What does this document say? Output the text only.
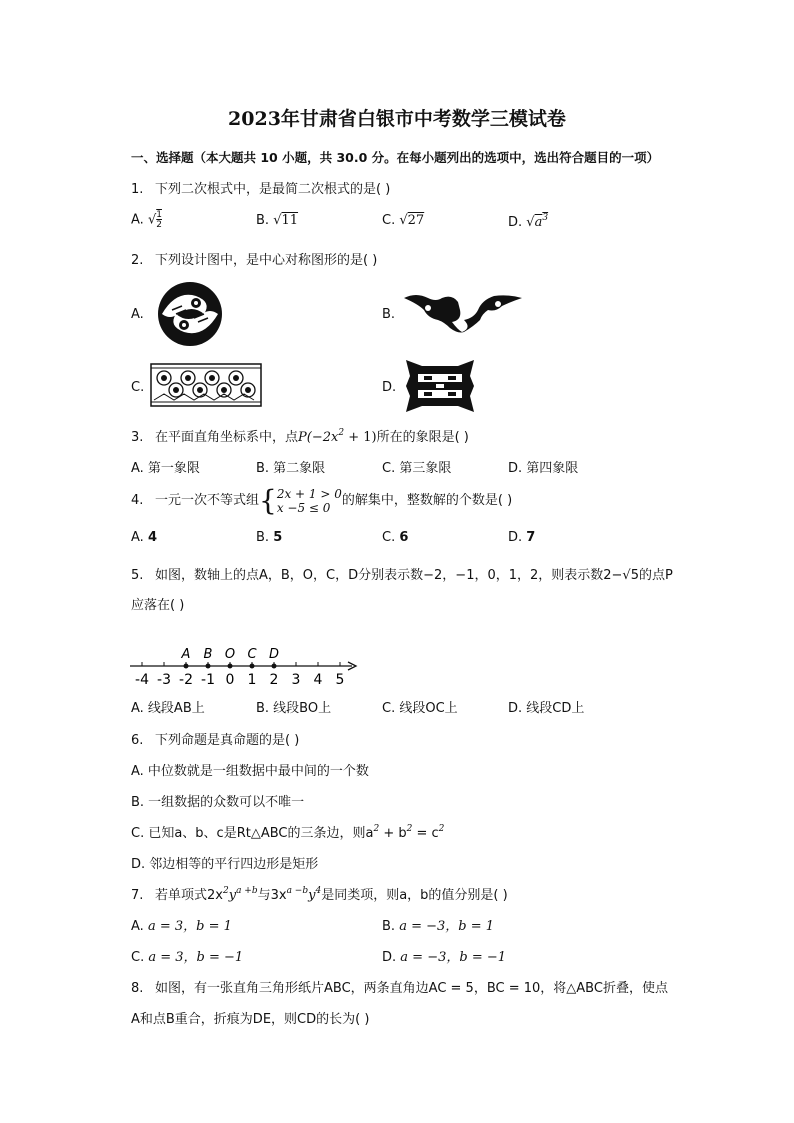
2023年甘肃省白银市中考数学三模试卷
一、选择题（本大题共 10 小题，共 30.0 分。在每小题列出的选项中，选出符合题目的一项）
1. 下列二次根式中，是最简二次根式的是( )
A. √ 1
2	B. √11	C. √27	D. $√a^3$
2. 下列设计图中，是中心对称图形的是( )
A.	B.
C.	D.
3. 在平面直角坐标系中，点$P(-2x^2 + 1)$所在的象限是( )
A. 第一象限	B. 第二象限	C. 第三象限	D. 第四象限
4. 一元一次不等式组{ 2x + 1 > 0
x −5 ≤ 0 的解集中，整数解的个数是( )
A. 4	B. 5	C. 6	D. 7
5. 如图，数轴上的点A，B，O，C，D分别表示数−2，−1，0，1，2，则表示数2−√5的点P
应落在( )
-4 -3 -2 -1 0 1 2 3 4 5
A B O C D
A. 线段AB上	B. 线段BO上	C. 线段OC上	D. 线段CD上
6. 下列命题是真命题的是( )
A. 中位数就是一组数据中最中间的一个数
B. 一组数据的众数可以不唯一
C. 已知a、b、c是Rt△ABC的三条边，则$a^2 + b^2 = c^2$
D. 邻边相等的平行四边形是矩形
7. 若单项式$2x^2y^{a +b}$与$3x^{a -b}y^4$是同类项，则a，b的值分别是( )
A. a = 3，b = 1	B. a = −3，b = 1
C. a = 3，b = −1	D. a = −3，b = −1
8. 如图，有一张直角三角形纸片ABC，两条直角边AC = 5，BC = 10，将△ABC折叠，使点
A和点B重合，折痕为DE，则CD的长为( )
